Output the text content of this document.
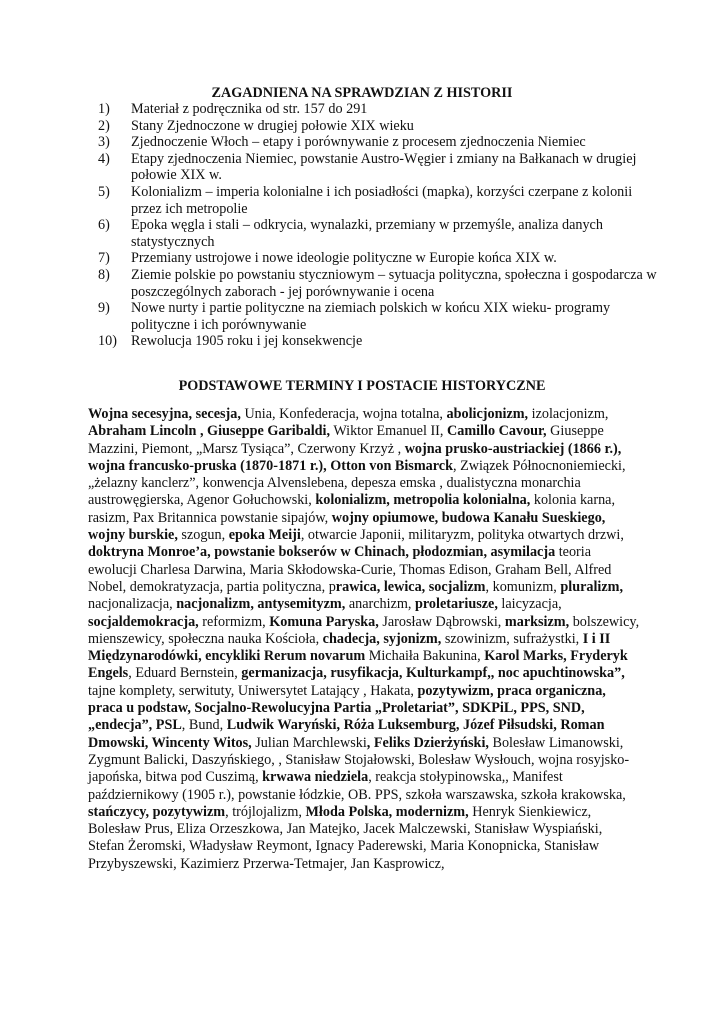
ZAGADNIENA NA SPRAWDZIAN Z HISTORII
1) Materiał z podręcznika od str. 157 do 291
2) Stany Zjednoczone w drugiej połowie XIX wieku
3) Zjednoczenie Włoch – etapy i porównywanie z procesem zjednoczenia Niemiec
4) Etapy zjednoczenia Niemiec, powstanie Austro-Węgier i zmiany na Bałkanach w drugiej połowie XIX w.
5) Kolonializm – imperia kolonialne i ich posiadłości (mapka), korzyści czerpane z kolonii przez ich metropolie
6) Epoka węgla i stali – odkrycia, wynalazki, przemiany w przemyśle, analiza danych statystycznych
7) Przemiany ustrojowe i nowe ideologie polityczne w Europie końca XIX w.
8) Ziemie polskie po powstaniu styczniowym – sytuacja polityczna, społeczna i gospodarcza w poszczególnych zaborach - jej porównywanie i ocena
9) Nowe nurty i partie polityczne na ziemiach polskich w końcu XIX wieku- programy polityczne i ich porównywanie
10) Rewolucja 1905 roku i jej konsekwencje
PODSTAWOWE TERMINY I POSTACIE HISTORYCZNE

Wojna secesyjna, secesja, Unia, Konfederacja, wojna totalna, abolicjonizm, izolacjonizm, Abraham Lincoln , Giuseppe Garibaldi, Wiktor Emanuel II, Camillo Cavour, Giuseppe Mazzini, Piemont, „Marsz Tysiąca”, Czerwony Krzyż , wojna prusko-austriackiej (1866 r.), wojna francusko-pruska (1870-1871 r.), Otton von Bismarck, Związek Północnoniemiecki, „żelazny kanclerz”, konwencja Alvenslebena, depesza emska , dualistyczna monarchia austrowęgierska, Agenor Gołuchowski, kolonializm, metropolia kolonialna, kolonia karna, rasizm, Pax Britannica powstanie sipajów, wojny opiumowe, budowa Kanału Sueskiego, wojny burskie, szogun, epoka Meiji, otwarcie Japonii, militaryzm, polityka otwartych drzwi, doktryna Monroe’a, powstanie bokserów w Chinach, płodozmian, asymilacja teoria ewolucji Charlesa Darwina, Maria Skłodowska-Curie, Thomas Edison, Graham Bell, Alfred Nobel, demokratyzacja, partia polityczna, prawica, lewica, socjalizm, komunizm, pluralizm, nacjonalizacja, nacjonalizm, antysemityzm, anarchizm, proletariusze, laicyzacja, socjaldemokracja, reformizm, Komuna Paryska, Jarosław Dąbrowski, marksizm, bolszewicy, mienszewicy, społeczna nauka Kościoła, chadecja, syjonizm, szowinizm, sufrażystki, I i II Międzynarodówki, encykliki Rerum novarum Michaiła Bakunina, Karol Marks, Fryderyk Engels, Eduard Bernstein, germanizacja, rusyfikacja, Kulturkampf,, noc apuchtinowska”, tajne komplety, serwituty, Uniwersytet Latający , Hakata, pozytywizm, praca organiczna, praca u podstaw, Socjalno-Rewolucyjna Partia „Proletariat”, SDKPiL, PPS, SND, „endecja”, PSL, Bund, Ludwik Waryński, Róża Luksemburg, Józef Piłsudski, Roman Dmowski, Wincenty Witos, Julian Marchlewski, Feliks Dzierżyński, Bolesław Limanowski, Zygmunt Balicki, Daszyńskiego, , Stanisław Stojałowski, Bolesław Wysłouch, wojna rosyjsko-japońska, bitwa pod Cuszimą, krwawa niedziela, reakcja stołypinowska,, Manifest październikowy (1905 r.), powstanie łódzkie, OB. PPS, szkoła warszawska, szkoła krakowska, stańczycy, pozytywizm, trójlojalizm, Młoda Polska, modernizm, Henryk Sienkiewicz, Bolesław Prus, Eliza Orzeszkowa, Jan Matejko, Jacek Malczewski, Stanisław Wyspiański, Stefan Żeromski, Władysław Reymont, Ignacy Paderewski, Maria Konopnicka, Stanisław Przybyszewski, Kazimierz Przerwa-Tetmajer, Jan Kasprowicz,
